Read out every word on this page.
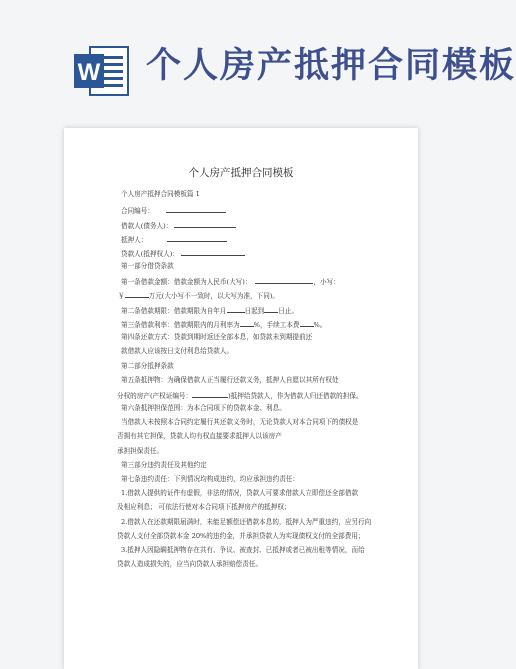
W 个人房产抵押合同模板
个人房产抵押合同模板
个人房产抵押合同模板篇 1
合同编号：
借款人(债务人)：
抵押人：
贷款人(抵押权人)：
第一部分借贷条款
第一条借款金额：借款金额为人民币(大写)：	，小写：
￥	万元(大小写不一致时，以大写为准，下同)。
第二条借款期限：借款期限为自年月	日起到 日止。
第三条借款利率：借款期限内的月利率为 %，手续工本费 %。
第四条还款方式：贷款到期时返还全部本息，如贷款未到期提前还
款借款人应该按日支付利息给贷款人。
第二部分抵押条款
第五条抵押物：为确保借款人正当履行还款义务，抵押人自愿以其所有权处
分权的房产(产权证编号：	)抵押给贷款人，作为借款人归还借款的担保。
第六条抵押担保范围：为本合同项下的贷款本金、利息。
当借款人未按照本合同约定履行其还款义务时，无论贷款人对本合同项下的债权是
否拥有其它担保，贷款人均有权直接要求抵押人以该房产
承担担保责任。
第三部分违约责任及其他约定
第七条违约责任：下列情况均构成违约，均应承担违约责任：
1.借款人提供的证件有虚假，非法的情况，贷款人可要求借款人立即偿还全部借款
及相应利息； 可依法行使对本合同项下抵押房产的抵押权；
2.借款人在还款期限届满时，未能足额偿还借款本息的，抵押人为严重违约，应另行向
贷款人支付全部贷款本金 20%的违约金，并承担贷款人为实现债权支付的全部费用；
3.抵押人因隐瞒抵押物存在共有、争议、被查封、已抵押或者已被出租等情况，而给
贷款人造成损失的，应当向贷款人承担赔偿责任。
